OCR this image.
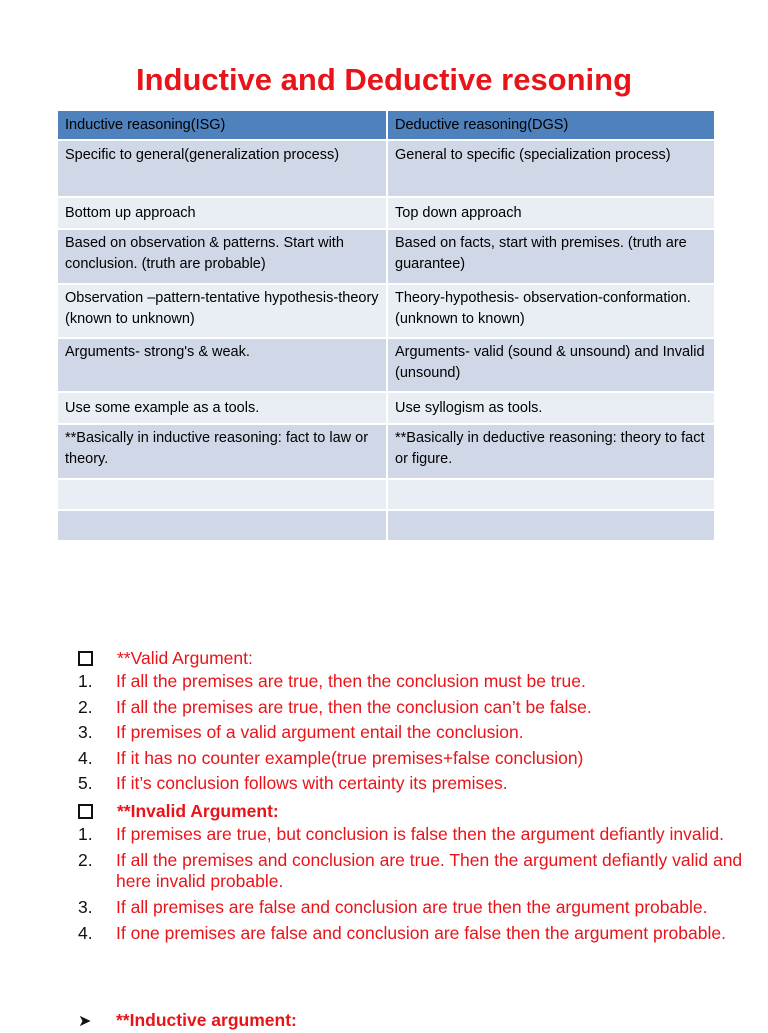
Inductive and Deductive resoning
Inductive reasoning(ISG)	Deductive reasoning(DGS)
Specific to general(generalization process)	General to specific (specialization process)
Bottom up approach	Top down approach
Based on observation & patterns. Start with conclusion. (truth are probable)	Based on facts, start with premises. (truth are guarantee)
Observation –pattern-tentative hypothesis-theory (known to unknown)	Theory-hypothesis- observation-conformation. (unknown to known)
Arguments- strong's & weak.	Arguments- valid (sound & unsound) and Invalid (unsound)
Use some example as a tools.	Use syllogism as tools.
**Basically in inductive reasoning: fact to law or theory.	**Basically in deductive reasoning: theory to fact or figure.

**Valid Argument:
1.	If all the premises are true, then the conclusion must be true.
2.	If all the premises are true, then the conclusion can’t be false.
3.	If premises of a valid argument entail the conclusion.
4.	If it has no counter example(true premises+false conclusion)
5.	If it’s conclusion follows with certainty its premises.
**Invalid Argument:
1.	If premises are true, but conclusion is false then the argument defiantly invalid.
2.	If all the premises and conclusion are true. Then the argument defiantly valid and here invalid probable.
3.	If all premises are false and conclusion are true then the argument probable.
4.	If one premises are false and conclusion are false then the argument probable.
➤ **Inductive argument:
